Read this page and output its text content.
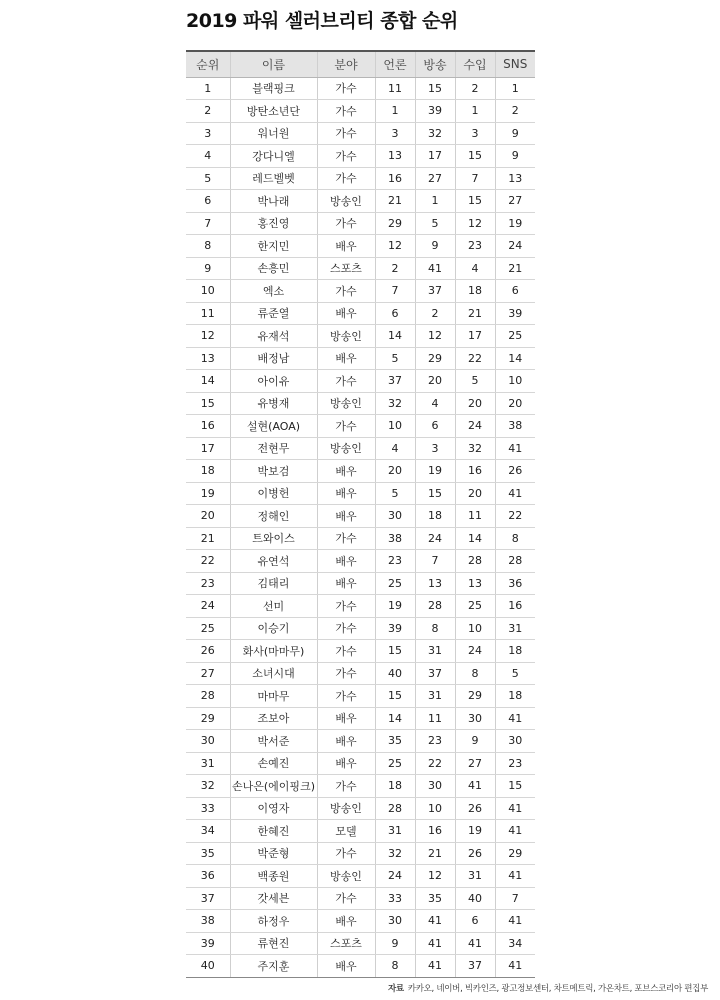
2019 파워 셀러브리티 종합 순위
순위	이름	분야	언론	방송	수입	SNS
1	블랙핑크	가수	11	15	2	1
2	방탄소년단	가수	1	39	1	2
3	워너원	가수	3	32	3	9
4	강다니엘	가수	13	17	15	9
5	레드벨벳	가수	16	27	7	13
6	박나래	방송인	21	1	15	27
7	홍진영	가수	29	5	12	19
8	한지민	배우	12	9	23	24
9	손흥민	스포츠	2	41	4	21
10	엑소	가수	7	37	18	6
11	류준열	배우	6	2	21	39
12	유재석	방송인	14	12	17	25
13	배정남	배우	5	29	22	14
14	아이유	가수	37	20	5	10
15	유병재	방송인	32	4	20	20
16	설현(AOA)	가수	10	6	24	38
17	전현무	방송인	4	3	32	41
18	박보검	배우	20	19	16	26
19	이병헌	배우	5	15	20	41
20	정해인	배우	30	18	11	22
21	트와이스	가수	38	24	14	8
22	유연석	배우	23	7	28	28
23	김태리	배우	25	13	13	36
24	선미	가수	19	28	25	16
25	이승기	가수	39	8	10	31
26	화사(마마무)	가수	15	31	24	18
27	소녀시대	가수	40	37	8	5
28	마마무	가수	15	31	29	18
29	조보아	배우	14	11	30	41
30	박서준	배우	35	23	9	30
31	손예진	배우	25	22	27	23
32	손나은(에이핑크)	가수	18	30	41	15
33	이영자	방송인	28	10	26	41
34	한혜진	모델	31	16	19	41
35	박준형	가수	32	21	26	29
36	백종원	방송인	24	12	31	41
37	갓세븐	가수	33	35	40	7
38	하정우	배우	30	41	6	41
39	류현진	스포츠	9	41	41	34
40	주지훈	배우	8	41	37	41
자료 카카오, 네이버, 빅카인즈, 광고정보센터, 차트메트릭, 가온차트, 포브스코리아 편집부
